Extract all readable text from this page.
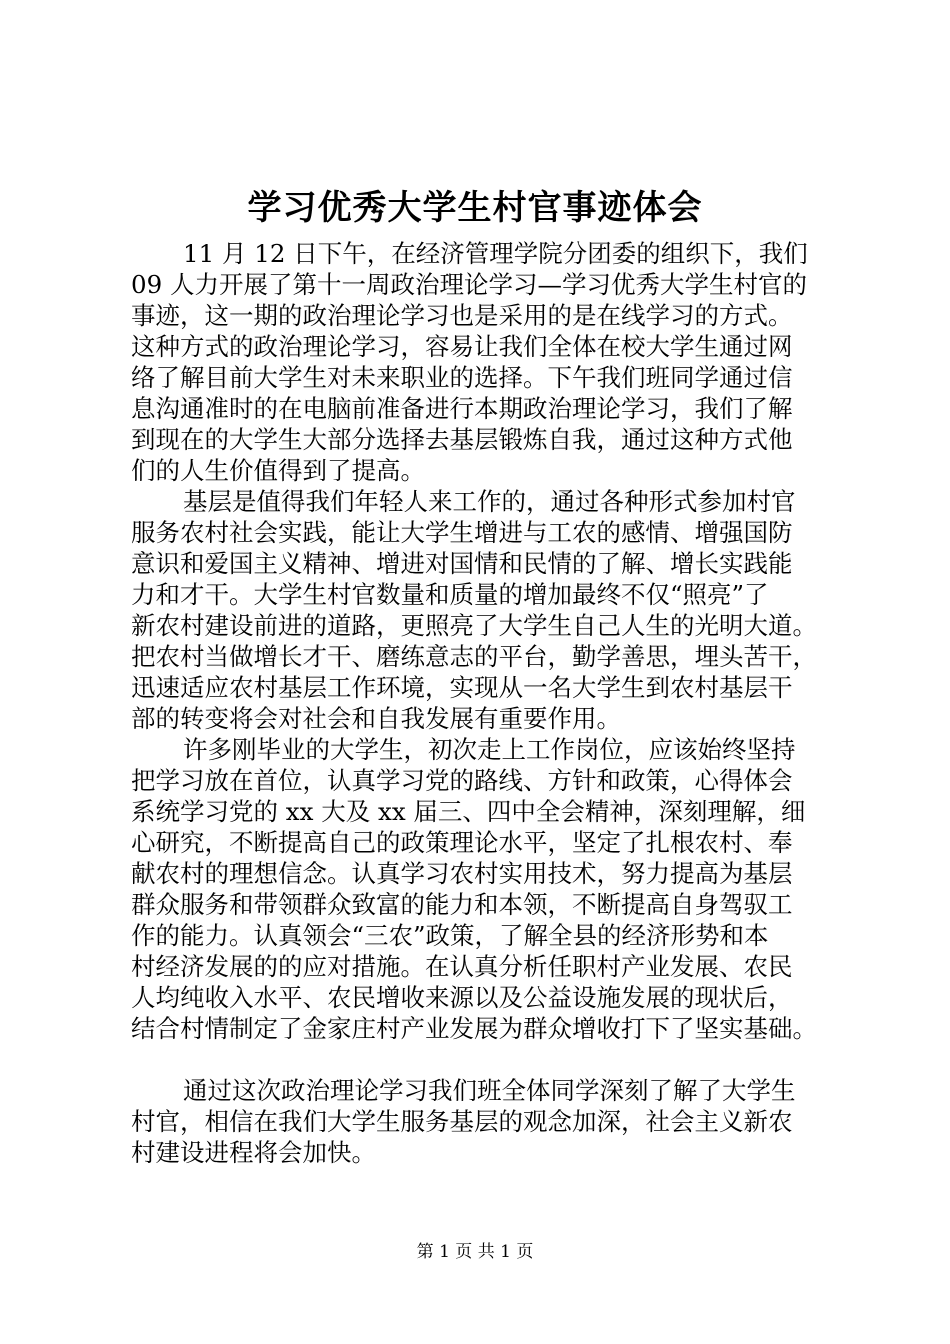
学习优秀大学生村官事迹体会
11 月 12 日下午，在经济管理学院分团委的组织下，我们
09 人力开展了第十一周政治理论学习—学习优秀大学生村官的
事迹，这一期的政治理论学习也是采用的是在线学习的方式。
这种方式的政治理论学习，容易让我们全体在校大学生通过网
络了解目前大学生对未来职业的选择。下午我们班同学通过信
息沟通准时的在电脑前准备进行本期政治理论学习，我们了解
到现在的大学生大部分选择去基层锻炼自我，通过这种方式他
们的人生价值得到了提高。
基层是值得我们年轻人来工作的，通过各种形式参加村官
服务农村社会实践，能让大学生增进与工农的感情、增强国防
意识和爱国主义精神、增进对国情和民情的了解、增长实践能
力和才干。大学生村官数量和质量的增加最终不仅“照亮”了
新农村建设前进的道路，更照亮了大学生自己人生的光明大道。
把农村当做增长才干、磨练意志的平台，勤学善思，埋头苦干，
迅速适应农村基层工作环境，实现从一名大学生到农村基层干
部的转变将会对社会和自我发展有重要作用。
许多刚毕业的大学生，初次走上工作岗位，应该始终坚持
把学习放在首位，认真学习党的路线、方针和政策，心得体会
系统学习党的 xx 大及 xx 届三、四中全会精神，深刻理解，细
心研究，不断提高自己的政策理论水平，坚定了扎根农村、奉
献农村的理想信念。认真学习农村实用技术，努力提高为基层
群众服务和带领群众致富的能力和本领，不断提高自身驾驭工
作的能力。认真领会“三农”政策，了解全县的经济形势和本
村经济发展的的应对措施。在认真分析任职村产业发展、农民
人均纯收入水平、农民增收来源以及公益设施发展的现状后，
结合村情制定了金家庄村产业发展为群众增收打下了坚实基础。
通过这次政治理论学习我们班全体同学深刻了解了大学生
村官，相信在我们大学生服务基层的观念加深，社会主义新农
村建设进程将会加快。
第 1 页 共 1 页
